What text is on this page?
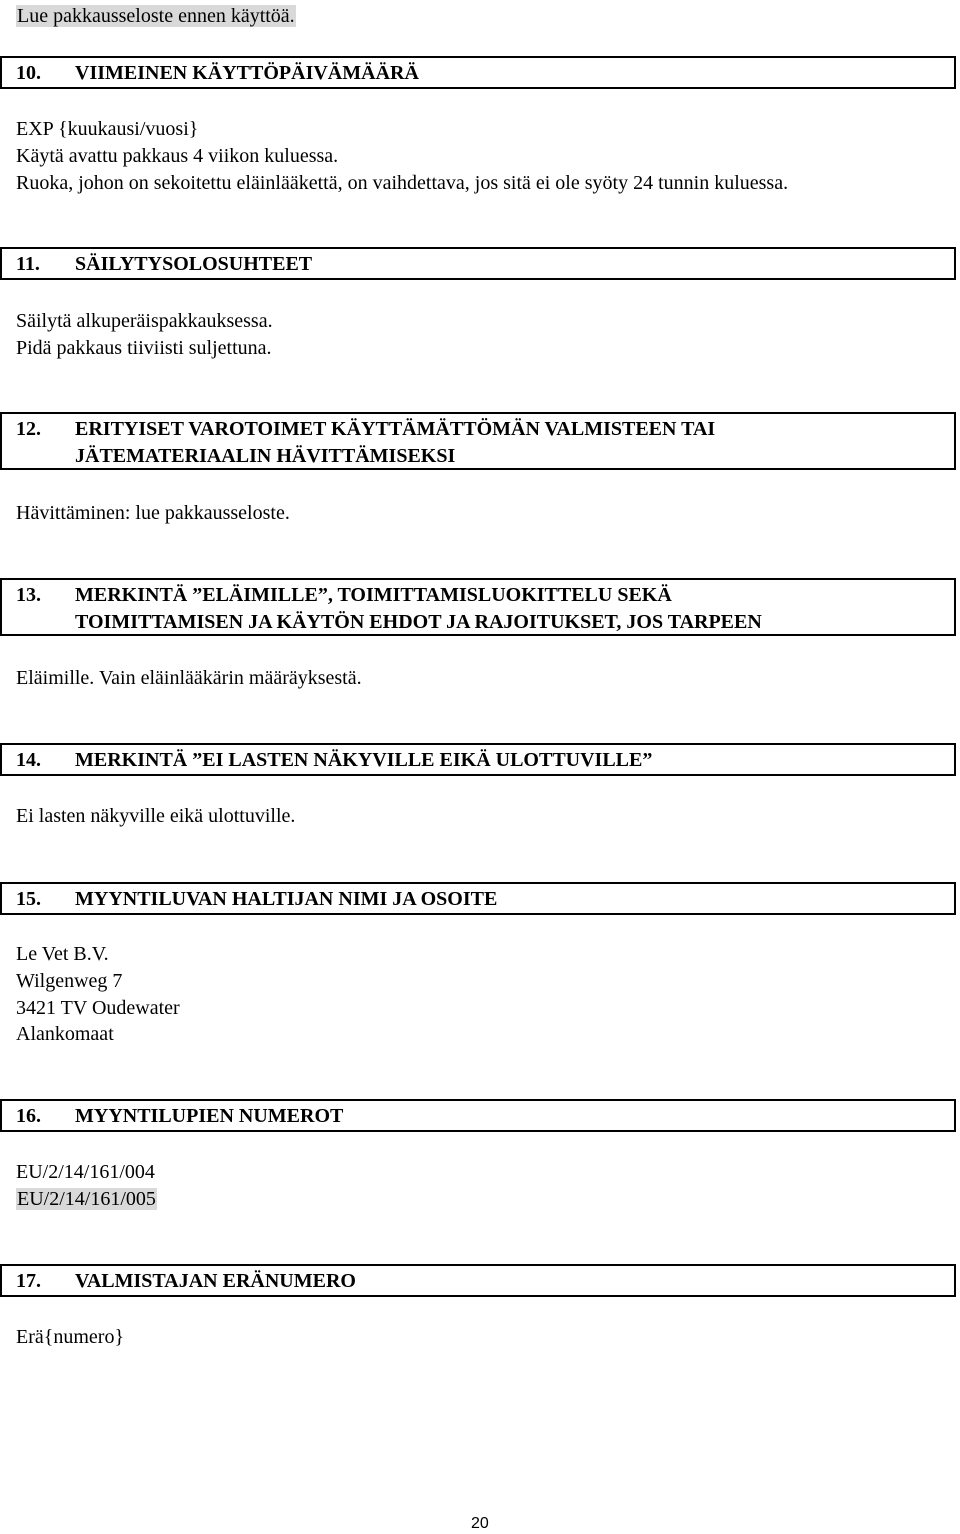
Lue pakkausseloste ennen käyttöä.
10. VIIMEINEN KÄYTTÖPÄIVÄMÄÄRÄ
EXP {kuukausi/vuosi}
Käytä avattu pakkaus 4 viikon kuluessa.
Ruoka, johon on sekoitettu eläinlääkettä, on vaihdettava, jos sitä ei ole syöty 24 tunnin kuluessa.
11. SÄILYTYSOLOSUHTEET
Säilytä alkuperäispakkauksessa.
Pidä pakkaus tiiviisti suljettuna.
12. ERITYISET VAROTOIMET KÄYTTÄMÄTTÖMÄN VALMISTEEN TAI
JÄTEMATERIAALIN HÄVITTÄMISEKSI
Hävittäminen: lue pakkausseloste.
13. MERKINTÄ ”ELÄIMILLE”, TOIMITTAMISLUOKITTELU SEKÄ
TOIMITTAMISEN JA KÄYTÖN EHDOT JA RAJOITUKSET, JOS TARPEEN
Eläimille. Vain eläinlääkärin määräyksestä.
14. MERKINTÄ ”EI LASTEN NÄKYVILLE EIKÄ ULOTTUVILLE”
Ei lasten näkyville eikä ulottuville.
15. MYYNTILUVAN HALTIJAN NIMI JA OSOITE
Le Vet B.V.
Wilgenweg 7
3421 TV Oudewater
Alankomaat
16. MYYNTILUPIEN NUMEROT
EU/2/14/161/004
EU/2/14/161/005
17. VALMISTAJAN ERÄNUMERO
Erä{numero}
20
